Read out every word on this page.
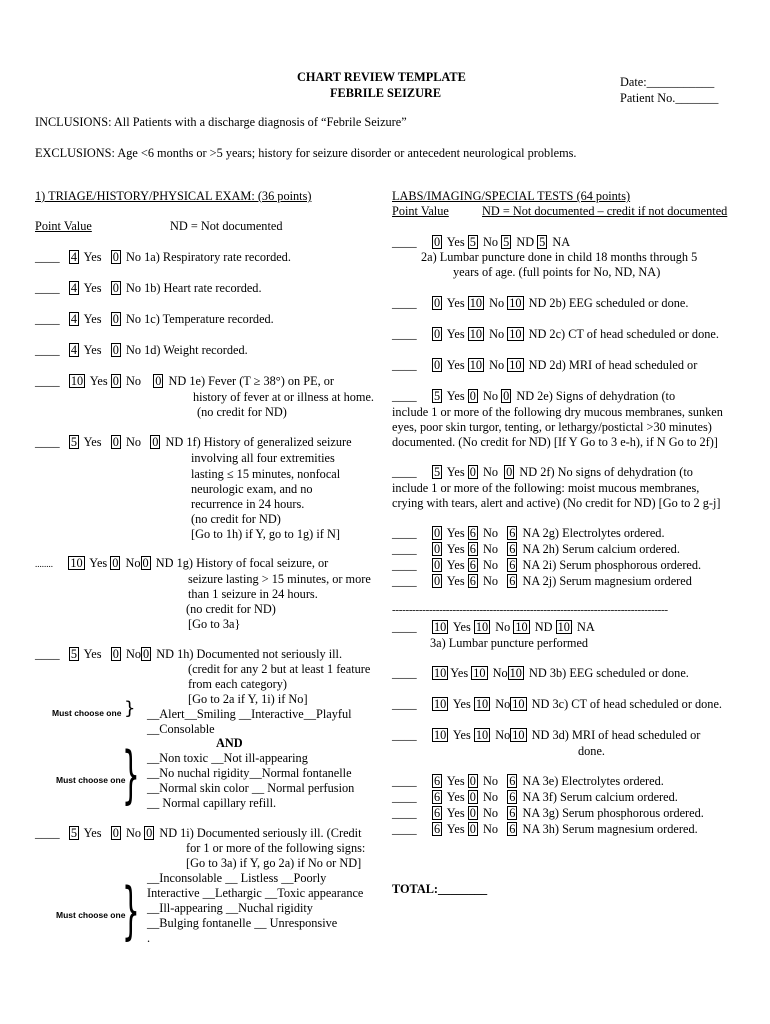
CHART REVIEW TEMPLATE
FEBRILE SEIZURE
Date:___________
Patient No._______
INCLUSIONS: All Patients with a discharge diagnosis of “Febrile Seizure”
EXCLUSIONS: Age <6 months or >5 years; history for seizure disorder or antecedent neurological problems.
1) TRIAGE/HISTORY/PHYSICAL EXAM: (36 points)
Point Value	ND = Not documented
____ 4 Yes 0 No 1a) Respiratory rate recorded.
____ 4 Yes 0 No 1b) Heart rate recorded.
____ 4 Yes 0 No 1c) Temperature recorded.
____ 4 Yes 0 No 1d) Weight recorded.
____ 10 Yes 0 No 0 ND 1e) Fever (T ≥ 38°) on PE, or
history of fever at or illness at home.
(no credit for ND)
____ 5 Yes 0 No 0 ND 1f) History of generalized seizure
involving all four extremities
lasting ≤ 15 minutes, nonfocal
neurologic exam, and no
recurrence in 24 hours.
(no credit for ND)
[Go to 1h) if Y, go to 1g) if N]
........ 10 Yes 0 No 0 ND 1g) History of focal seizure, or
seizure lasting > 15 minutes, or more
than 1 seizure in 24 hours.
(no credit for ND)
[Go to 3a}
____ 5 Yes 0 No 0 ND 1h) Documented not seriously ill.
(credit for any 2 but at least 1 feature
from each category)
[Go to 2a if Y, 1i) if No]
Must choose one } __Alert__Smiling __Interactive__Playful
__Consolable
AND
Must choose one
} __Non toxic __Not ill-appearing
__No nuchal rigidity__Normal fontanelle
__Normal skin color __ Normal perfusion
__ Normal capillary refill.
____ 5 Yes 0 No 0 ND 1i) Documented seriously ill. (Credit
for 1 or more of the following signs:
[Go to 3a) if Y, go 2a) if No or ND]
__Inconsolable __ Listless __Poorly
Interactive __Lethargic __Toxic appearance
Must choose one
} __Ill-appearing __Nuchal rigidity
__Bulging fontanelle __ Unresponsive
.
LABS/IMAGING/SPECIAL TESTS (64 points)
Point Value	ND = Not documented – credit if not documented
____ 0 Yes 5 No 5 ND 5 NA
2a) Lumbar puncture done in child 18 months through 5
years of age. (full points for No, ND, NA)
____ 0 Yes 10 No 10 ND 2b) EEG scheduled or done.
____ 0 Yes 10 No 10 ND 2c) CT of head scheduled or done.
____ 0 Yes 10 No 10 ND 2d) MRI of head scheduled or
____ 5 Yes 0 No 0 ND 2e) Signs of dehydration (to
include 1 or more of the following dry mucous membranes, sunken
eyes, poor skin turgor, tenting, or lethargy/postictal >30 minutes)
documented. (No credit for ND) [If Y Go to 3 e-h), if N Go to 2f)]
____ 5 Yes 0 No 0 ND 2f) No signs of dehydration (to
include 1 or more of the following: moist mucous membranes,
crying with tears, alert and active) (No credit for ND) [Go to 2 g-j]
____ 0 Yes 6 No 6 NA 2g) Electrolytes ordered.
____ 0 Yes 6 No 6 NA 2h) Serum calcium ordered.
____ 0 Yes 6 No 6 NA 2i) Serum phosphorous ordered.
____ 0 Yes 6 No 6 NA 2j) Serum magnesium ordered
----------------------------------------------------------------------------------
____ 10 Yes 10 No 10 ND 10 NA
3a) Lumbar puncture performed
____ 10 Yes 10 No 10 ND 3b) EEG scheduled or done.
____ 10 Yes 10 No 10 ND 3c) CT of head scheduled or done.
____ 10 Yes 10 No 10 ND 3d) MRI of head scheduled or
done.
____ 6 Yes 0 No 6 NA 3e) Electrolytes ordered.
____ 6 Yes 0 No 6 NA 3f) Serum calcium ordered.
____ 6 Yes 0 No 6 NA 3g) Serum phosphorous ordered.
____ 6 Yes 0 No 6 NA 3h) Serum magnesium ordered.
TOTAL:________
